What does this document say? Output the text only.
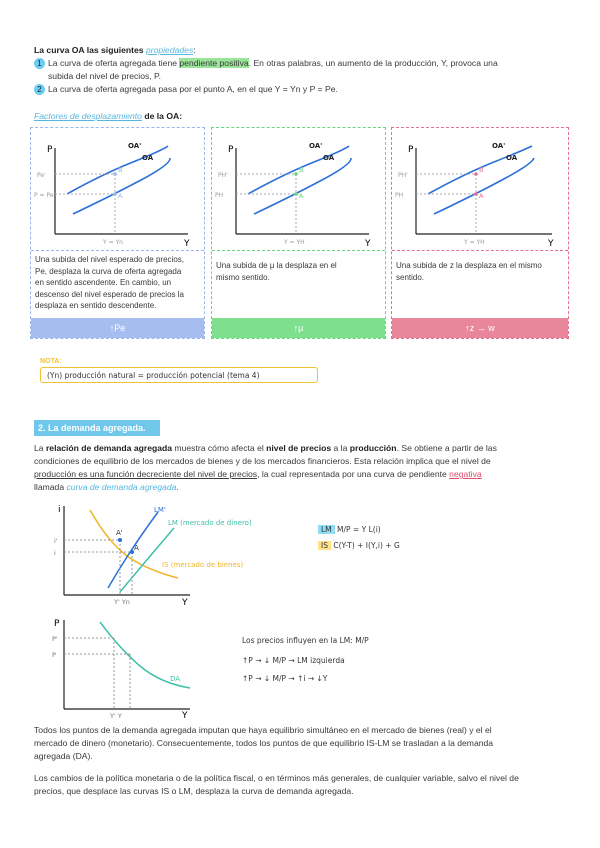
La curva OA las siguientes propiedades:
1 La curva de oferta agregada tiene pendiente positiva. En otras palabras, un aumento de la producción, Y, provoca una
subida del nivel de precios, P.
2 La curva de oferta agregada pasa por el punto A, en el que Y = Yn y P = Pe.
Factores de desplazamiento de la OA:
P
Y
B
A
Pe'
P = Pe
Y = Yn
OA'
OA
Una subida del nivel esperado de precios,
Pe, desplaza la curva de oferta agregada
en sentido ascendente. En cambio, un
descenso del nivel esperado de precios la
desplaza en sentido descendente.
↑Pe
P
Y
B
A
PH'
PH
Y = YH
OA'
OA
Una subida de μ la desplaza en el
mismo sentido.
↑μ
P
Y
B
A
PH'
PH
Y = YH
OA'
OA
Una subida de z la desplaza en el mismo
sentido.
↑z → w
NOTA:
(Yn) producción natural = producción potencial (tema 4)
2. La demanda agregada.
La relación de demanda agregada muestra cómo afecta el nivel de precios a la producción. Se obtiene a partir de las
condiciones de equilibrio de los mercados de bienes y de los mercados financieros. Esta relación implica que el nivel de
producción es una función decreciente del nivel de precios, la cual representada por una curva de pendiente negativa
llamada curva de demanda agregada.
i
Y
A'
A
i'
i
Y' Yn
LM'
LM (mercado de dinero)
IS (mercado de bienes)
LM M/P = Y L(i)
IS C(Y-T) + I(Y,i) + G
P
Y
P'
P
Y' Y
DA
Los precios influyen en la LM: M/P
↑P → ↓ M/P → LM izquierda
↑P → ↓ M/P → ↑i → ↓Y
Todos los puntos de la demanda agregada imputan que haya equilibrio simultáneo en el mercado de bienes (real) y el el
mercado de dinero (monetario). Consecuentemente, todos los puntos de que equilibrio IS-LM se trasladan a la demanda
agregada (DA).
Los cambios de la política monetaria o de la política fiscal, o en términos más generales, de cualquier variable, salvo el nivel de
precios, que desplace las curvas IS o LM, desplaza la curva de demanda agregada.
